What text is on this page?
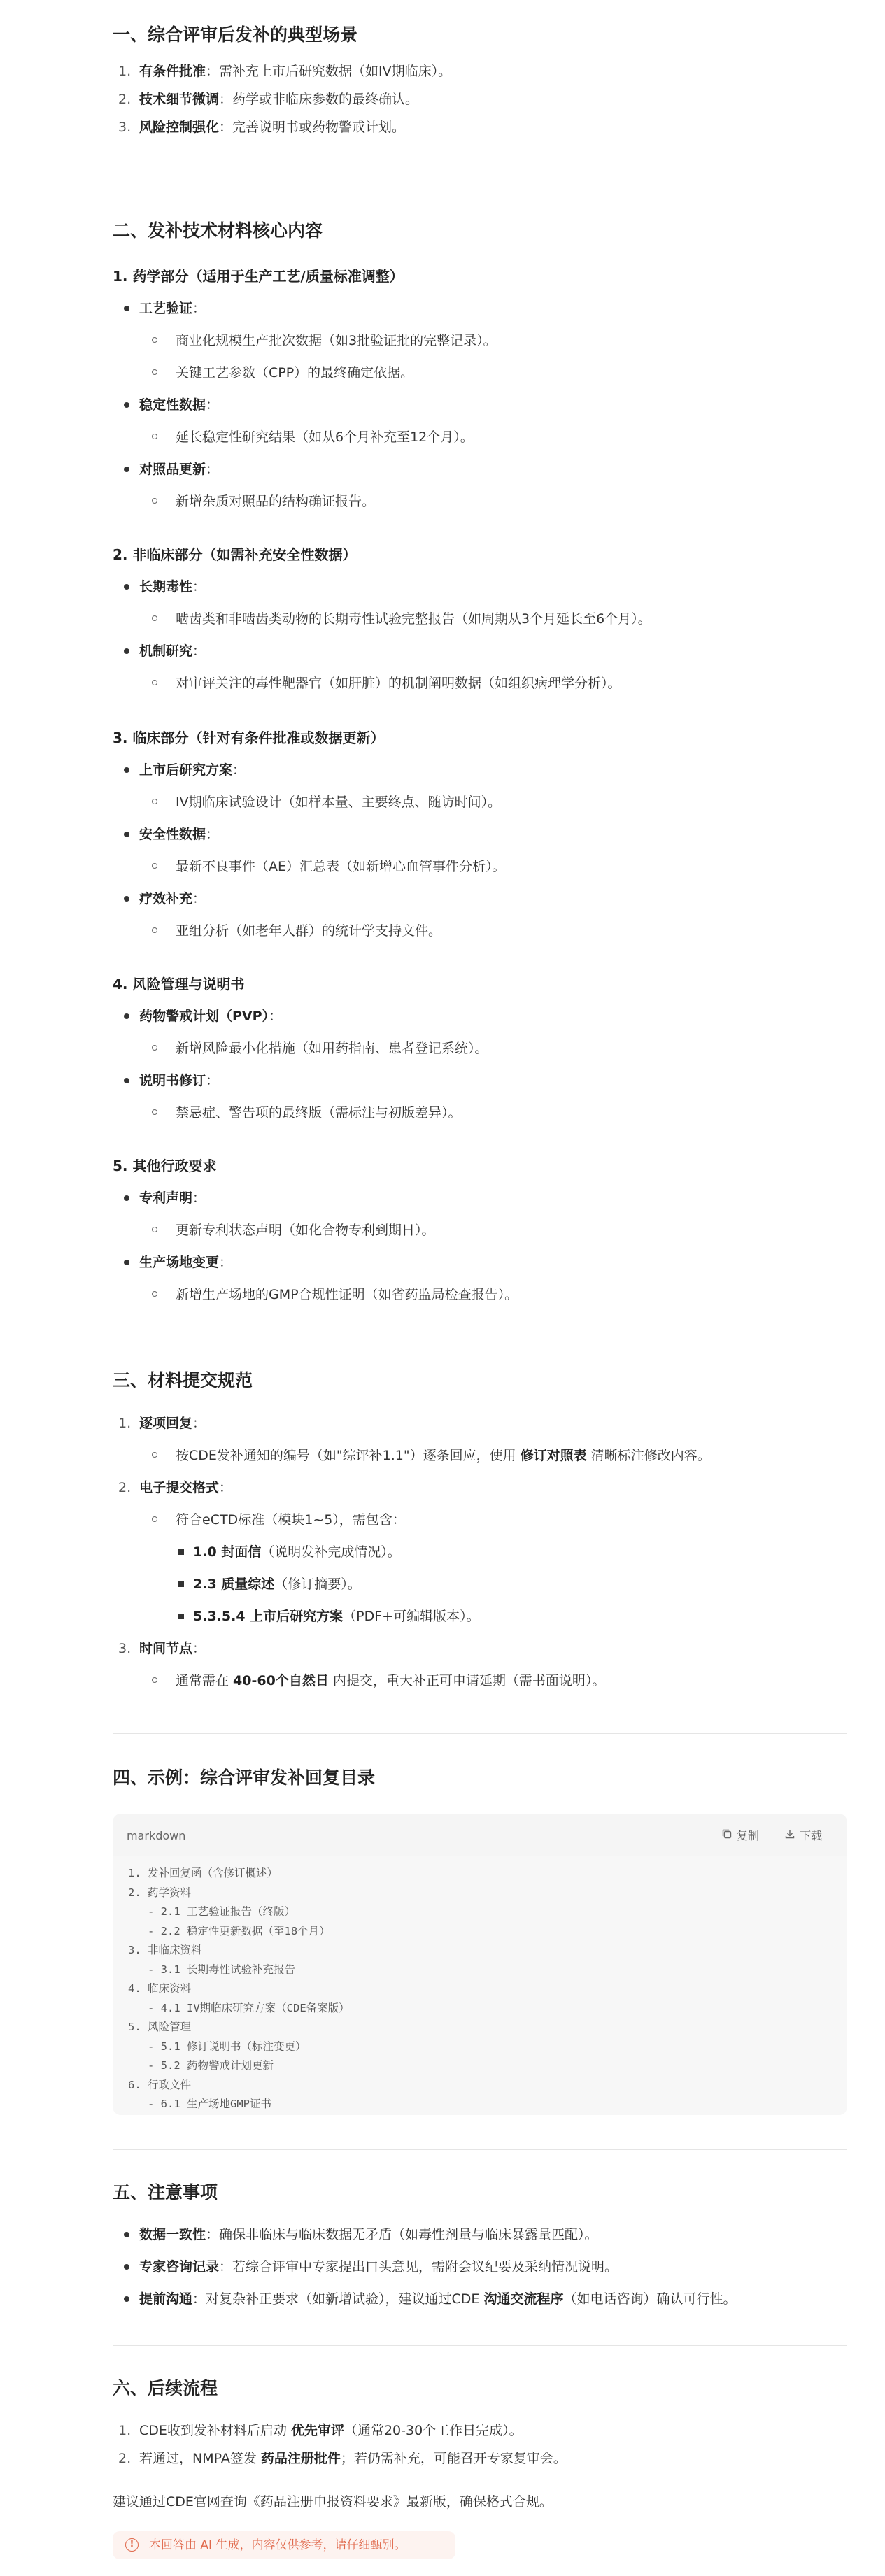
一、综合评审后发补的典型场景
1. 有条件批准：需补充上市后研究数据（如IV期临床）。
2. 技术细节微调：药学或非临床参数的最终确认。
3. 风险控制强化：完善说明书或药物警戒计划。
二、发补技术材料核心内容
1. 药学部分（适用于生产工艺/质量标准调整）
工艺验证：
商业化规模生产批次数据（如3批验证批的完整记录）。
关键工艺参数（CPP）的最终确定依据。
稳定性数据：
延长稳定性研究结果（如从6个月补充至12个月）。
对照品更新：
新增杂质对照品的结构确证报告。
2. 非临床部分（如需补充安全性数据）
长期毒性：
啮齿类和非啮齿类动物的长期毒性试验完整报告（如周期从3个月延长至6个月）。
机制研究：
对审评关注的毒性靶器官（如肝脏）的机制阐明数据（如组织病理学分析）。
3. 临床部分（针对有条件批准或数据更新）
上市后研究方案：
IV期临床试验设计（如样本量、主要终点、随访时间）。
安全性数据：
最新不良事件（AE）汇总表（如新增心血管事件分析）。
疗效补充：
亚组分析（如老年人群）的统计学支持文件。
4. 风险管理与说明书
药物警戒计划（PVP）：
新增风险最小化措施（如用药指南、患者登记系统）。
说明书修订：
禁忌症、警告项的最终版（需标注与初版差异）。
5. 其他行政要求
专利声明：
更新专利状态声明（如化合物专利到期日）。
生产场地变更：
新增生产场地的GMP合规性证明（如省药监局检查报告）。
三、材料提交规范
1. 逐项回复：
按CDE发补通知的编号（如"综评补1.1"）逐条回应，使用 修订对照表 清晰标注修改内容。
2. 电子提交格式：
符合eCTD标准（模块1~5），需包含：
1.0 封面信（说明发补完成情况）。
2.3 质量综述（修订摘要）。
5.3.5.4 上市后研究方案（PDF+可编辑版本）。
3. 时间节点：
通常需在 40-60个自然日 内提交，重大补正可申请延期（需书面说明）。
四、示例：综合评审发补回复目录
markdown	复制	下载
1. 发补回复函（含修订概述）
2. 药学资料
- 2.1 工艺验证报告（终版）
- 2.2 稳定性更新数据（至18个月）
3. 非临床资料
- 3.1 长期毒性试验补充报告
4. 临床资料
- 4.1 IV期临床研究方案（CDE备案版）
5. 风险管理
- 5.1 修订说明书（标注变更）
- 5.2 药物警戒计划更新
6. 行政文件
- 6.1 生产场地GMP证书
五、注意事项
数据一致性：确保非临床与临床数据无矛盾（如毒性剂量与临床暴露量匹配）。
专家咨询记录：若综合评审中专家提出口头意见，需附会议纪要及采纳情况说明。
提前沟通：对复杂补正要求（如新增试验），建议通过CDE 沟通交流程序（如电话咨询）确认可行性。
六、后续流程
1. CDE收到发补材料后启动 优先审评（通常20-30个工作日完成）。
2. 若通过，NMPA签发 药品注册批件；若仍需补充，可能召开专家复审会。
建议通过CDE官网查询《药品注册申报资料要求》最新版，确保格式合规。
!	本回答由 AI 生成，内容仅供参考，请仔细甄别。
